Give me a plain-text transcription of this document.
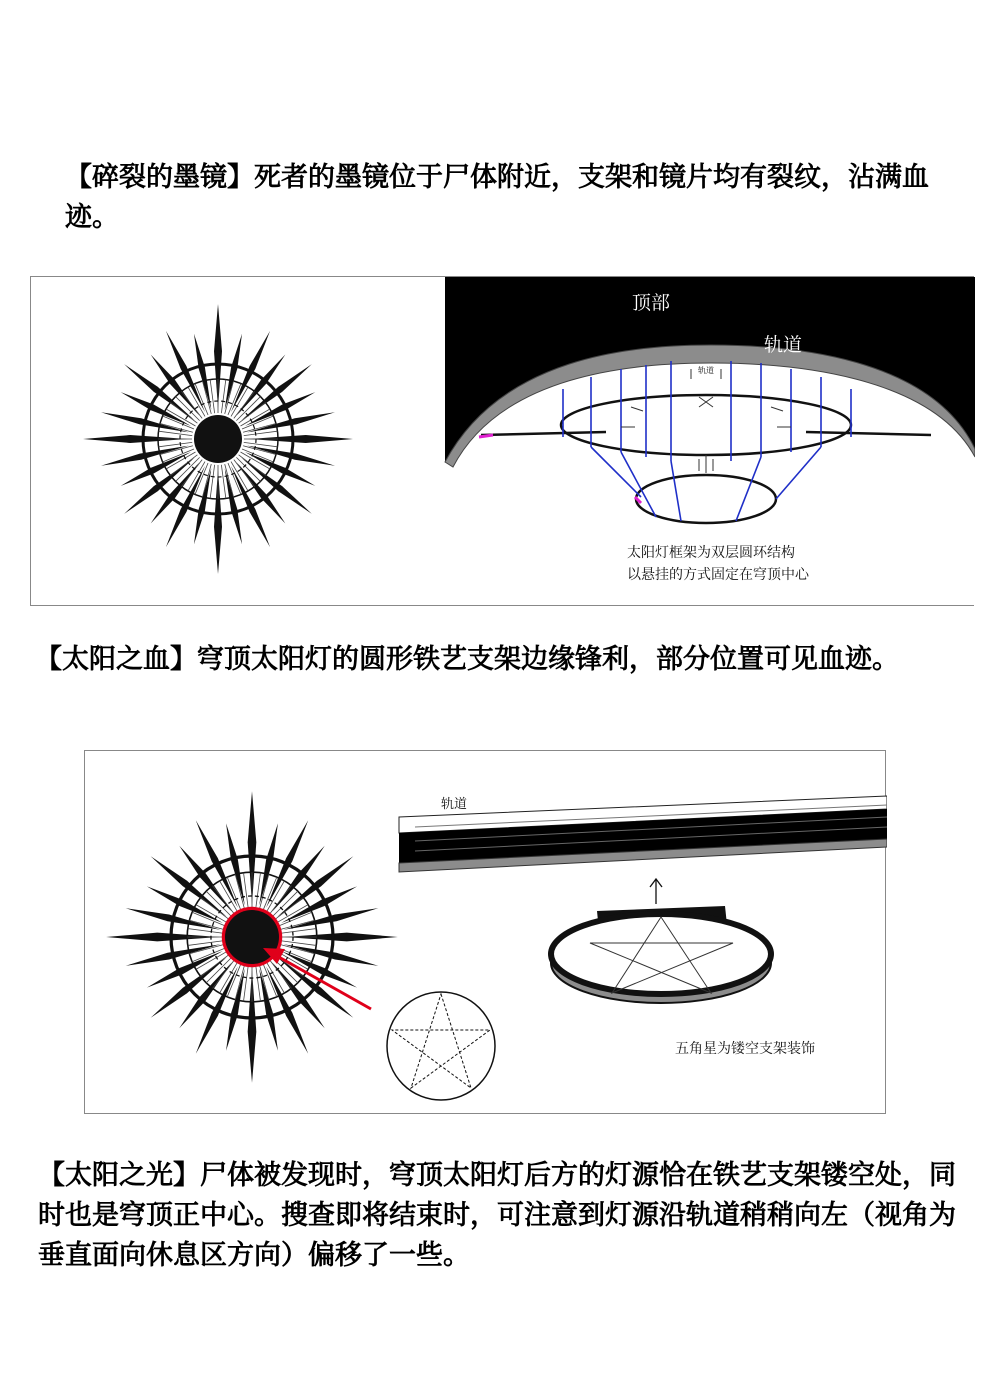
【碎裂的墨镜】死者的墨镜位于尸体附近，支架和镜片均有裂纹，沾满血迹。

顶部
轨道
轨道
太阳灯框架为双层圆环结构
以悬挂的方式固定在穹顶中心

【太阳之血】穹顶太阳灯的圆形铁艺支架边缘锋利，部分位置可见血迹。

轨道
五角星为镂空支架装饰

【太阳之光】尸体被发现时，穹顶太阳灯后方的灯源恰在铁艺支架镂空处，同时也是穹顶正中心。搜查即将结束时，可注意到灯源沿轨道稍稍向左（视角为垂直面向休息区方向）偏移了一些。
